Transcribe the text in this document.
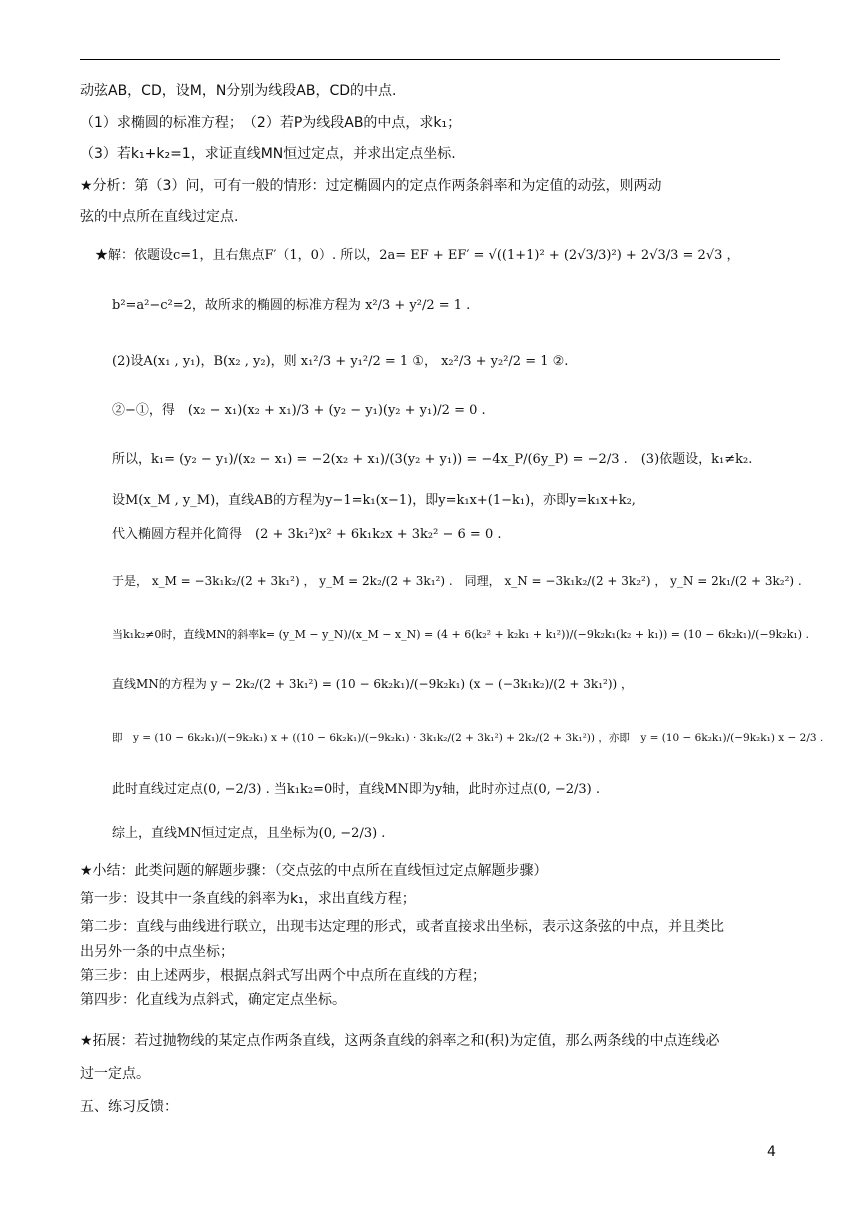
动弦AB，CD，设M，N分别为线段AB，CD的中点.
（1）求椭圆的标准方程；　（2）若P为线段AB的中点，求k₁；
（3）若k₁+k₂=1，求证直线MN恒过定点，并求出定点坐标.
★分析：第（3）问，可有一般的情形：过定椭圆内的定点作两条斜率和为定值的动弦，则两动
弦的中点所在直线过定点.
★解：依题设c=1，且右焦点F′（1，0）. 所以，2a= EF + EF′ = √((1+1)² + (2√3/3)²) + 2√3/3 = 2√3 ，
b²=a²−c²=2，故所求的椭圆的标准方程为 x²/3 + y²/2 = 1 .
(2)设A(x₁ , y₁)，B(x₂ , y₂)，则 x₁²/3 + y₁²/2 = 1 ①， x₂²/3 + y₂²/2 = 1 ②.
②−①，得　(x₂ − x₁)(x₂ + x₁)/3 + (y₂ − y₁)(y₂ + y₁)/2 = 0 .
所以，k₁= (y₂ − y₁)/(x₂ − x₁) = −2(x₂ + x₁)/(3(y₂ + y₁)) = −4x_P/(6y_P) = −2/3 .　(3)依题设，k₁≠k₂.
设M(x_M , y_M)，直线AB的方程为y−1=k₁(x−1)，即y=k₁x+(1−k₁)，亦即y=k₁x+k₂,
代入椭圆方程并化简得　(2 + 3k₁²)x² + 6k₁k₂x + 3k₂² − 6 = 0 .
于是， x_M = −3k₁k₂/(2 + 3k₁²) ， y_M = 2k₂/(2 + 3k₁²) .　同理， x_N = −3k₁k₂/(2 + 3k₂²) ， y_N = 2k₁/(2 + 3k₂²) .
当k₁k₂≠0时，直线MN的斜率k= (y_M − y_N)/(x_M − x_N) = (4 + 6(k₂² + k₂k₁ + k₁²))/(−9k₂k₁(k₂ + k₁)) = (10 − 6k₂k₁)/(−9k₂k₁) .
直线MN的方程为 y − 2k₂/(2 + 3k₁²) = (10 − 6k₂k₁)/(−9k₂k₁) (x − (−3k₁k₂)/(2 + 3k₁²)) ，
即　y = (10 − 6k₂k₁)/(−9k₂k₁) x + ((10 − 6k₂k₁)/(−9k₂k₁) · 3k₁k₂/(2 + 3k₁²) + 2k₂/(2 + 3k₁²)) ，亦即　y = (10 − 6k₂k₁)/(−9k₂k₁) x − 2/3 .
此时直线过定点(0, −2/3) . 当k₁k₂=0时，直线MN即为y轴，此时亦过点(0, −2/3) .
综上，直线MN恒过定点，且坐标为(0, −2/3) .
★小结：此类问题的解题步骤：（交点弦的中点所在直线恒过定点解题步骤）
第一步：设其中一条直线的斜率为k₁，求出直线方程；
第二步：直线与曲线进行联立，出现韦达定理的形式，或者直接求出坐标，表示这条弦的中点，并且类比
出另外一条的中点坐标；
第三步：由上述两步，根据点斜式写出两个中点所在直线的方程；
第四步：化直线为点斜式，确定定点坐标。
★拓展：若过抛物线的某定点作两条直线，这两条直线的斜率之和(积)为定值，那么两条线的中点连线必
过一定点。
五、练习反馈：
4
